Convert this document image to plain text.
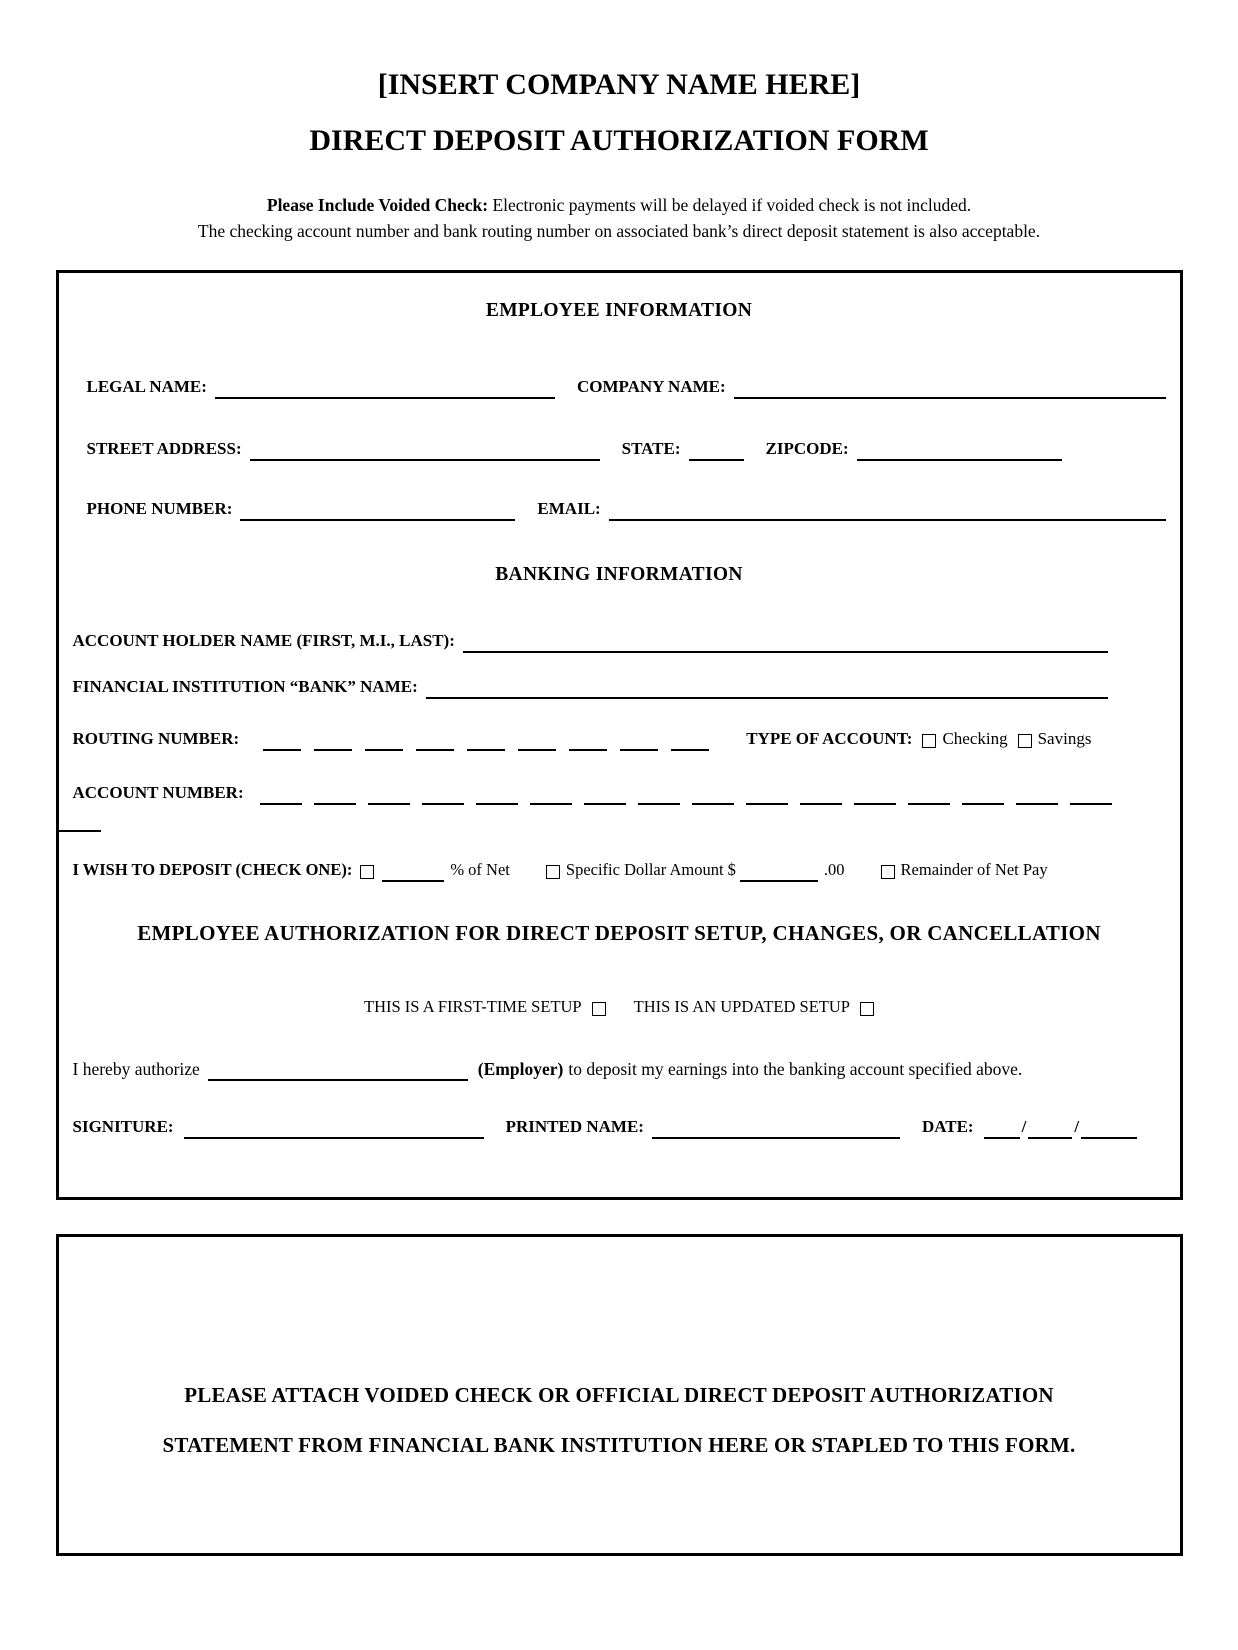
[INSERT COMPANY NAME HERE]
DIRECT DEPOSIT AUTHORIZATION FORM
Please Include Voided Check: Electronic payments will be delayed if voided check is not included.
The checking account number and bank routing number on associated bank’s direct deposit statement is also acceptable.
EMPLOYEE INFORMATION
LEGAL NAME:	COMPANY NAME:
STREET ADDRESS:	STATE:	ZIPCODE:
PHONE NUMBER:	EMAIL:
BANKING INFORMATION
ACCOUNT HOLDER NAME (FIRST, M.I., LAST):
FINANCIAL INSTITUTION “BANK” NAME:
ROUTING NUMBER:	TYPE OF ACCOUNT: Checking Savings
ACCOUNT NUMBER:
I WISH TO DEPOSIT (CHECK ONE):	% of Net	Specific Dollar Amount $	.00	Remainder of Net Pay
EMPLOYEE AUTHORIZATION FOR DIRECT DEPOSIT SETUP, CHANGES, OR CANCELLATION
THIS IS A FIRST-TIME SETUP	THIS IS AN UPDATED SETUP
I hereby authorize	(Employer) to deposit my earnings into the banking account specified above.
SIGNITURE:	PRINTED NAME:	DATE:	/	/
PLEASE ATTACH VOIDED CHECK OR OFFICIAL DIRECT DEPOSIT AUTHORIZATION
STATEMENT FROM FINANCIAL BANK INSTITUTION HERE OR STAPLED TO THIS FORM.
